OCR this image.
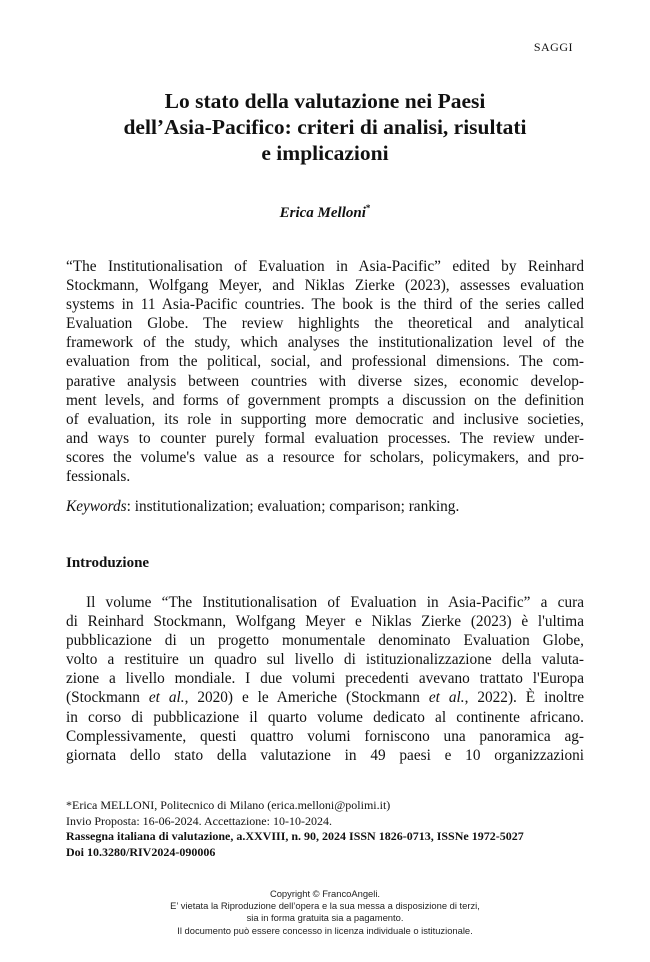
SAGGI
Lo stato della valutazione nei Paesi
dell’Asia-Pacifico: criteri di analisi, risultati
e implicazioni
Erica Melloni*
“The Institutionalisation of Evaluation in Asia-Pacific” edited by Reinhard
Stockmann, Wolfgang Meyer, and Niklas Zierke (2023), assesses evaluation
systems in 11 Asia-Pacific countries. The book is the third of the series called
Evaluation Globe. The review highlights the theoretical and analytical
framework of the study, which analyses the institutionalization level of the
evaluation from the political, social, and professional dimensions. The com-
parative analysis between countries with diverse sizes, economic develop-
ment levels, and forms of government prompts a discussion on the definition
of evaluation, its role in supporting more democratic and inclusive societies,
and ways to counter purely formal evaluation processes. The review under-
scores the volume's value as a resource for scholars, policymakers, and pro-
fessionals.
Keywords: institutionalization; evaluation; comparison; ranking.
Introduzione
Il volume “The Institutionalisation of Evaluation in Asia-Pacific” a cura
di Reinhard Stockmann, Wolfgang Meyer e Niklas Zierke (2023) è l'ultima
pubblicazione di un progetto monumentale denominato Evaluation Globe,
volto a restituire un quadro sul livello di istituzionalizzazione della valuta-
zione a livello mondiale. I due volumi precedenti avevano trattato l'Europa
(Stockmann et al., 2020) e le Americhe (Stockmann et al., 2022). È inoltre
in corso di pubblicazione il quarto volume dedicato al continente africano.
Complessivamente, questi quattro volumi forniscono una panoramica ag-
giornata dello stato della valutazione in 49 paesi e 10 organizzazioni
*Erica MELLONI, Politecnico di Milano (erica.melloni@polimi.it)
Invio Proposta: 16-06-2024. Accettazione: 10-10-2024.
Rassegna italiana di valutazione, a.XXVIII, n. 90, 2024 ISSN 1826-0713, ISSNe 1972-5027
Doi 10.3280/RIV2024-090006
Copyright © FrancoAngeli.
E’ vietata la Riproduzione dell’opera e la sua messa a disposizione di terzi,
sia in forma gratuita sia a pagamento.
Il documento può essere concesso in licenza individuale o istituzionale.
